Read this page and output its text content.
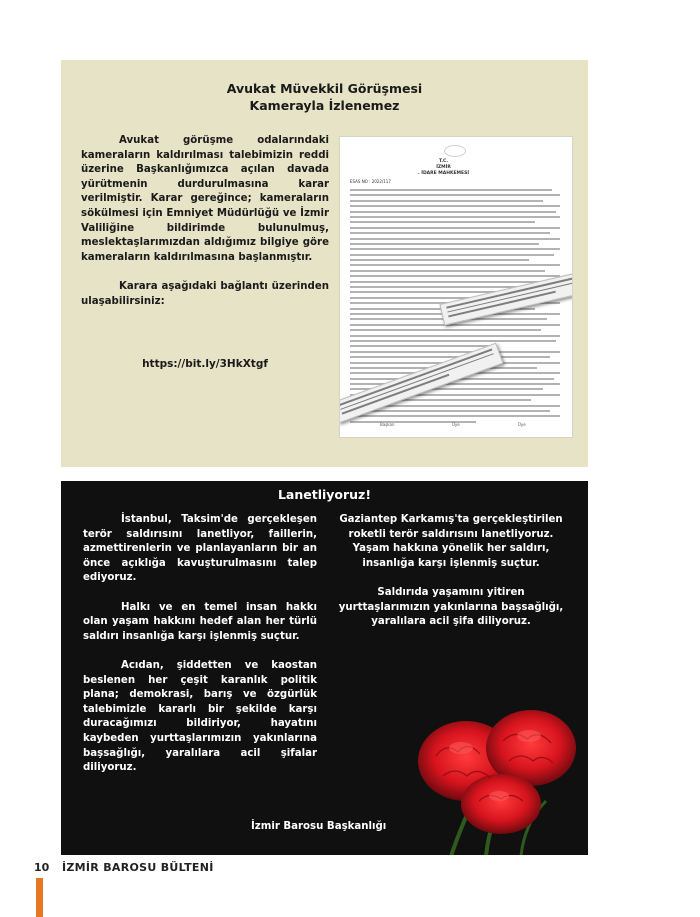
Avukat Müvekkil Görüşmesi
Kamerayla İzlenemez

Avukat görüşme odalarındaki kameraların kaldırılması talebimizin reddi üzerine Başkanlığımızca açılan davada yürütmenin durdurulmasına karar verilmiştir. Karar gereğince; kameraların sökülmesi için Emniyet Müdürlüğü ve İzmir Valiliğine bildirimde bulunulmuş, meslektaşlarımızdan aldığımız bilgiye göre kameraların kaldırılmasına başlanmıştır.

Karara aşağıdaki bağlantı üzerinden ulaşabilirsiniz:

https://bit.ly/3HkXtgf
T.C.
İZMİR
. İDARE MAHKEMESİ
ESAS NO : 2022/117
Başkan	Üye	Üye
Lanetliyoruz!

İstanbul, Taksim'de gerçekleşen terör saldırısını lanetliyor, faillerin, azmettirenlerin ve planlayanların bir an önce açıklığa kavuşturulmasını talep ediyoruz.

Halkı ve en temel insan hakkı olan yaşam hakkını hedef alan her türlü saldırı insanlığa karşı işlenmiş suçtur.

Acıdan, şiddetten ve kaostan beslenen her çeşit karanlık politik plana; demokrasi, barış ve özgürlük talebimizle kararlı bir şekilde karşı duracağımızı bildiriyor, hayatını kaybeden yurttaşlarımızın yakınlarına başsağlığı, yaralılara acil şifalar diliyoruz.

Gaziantep Karkamış'ta gerçekleştirilen roketli terör saldırısını lanetliyoruz. Yaşam hakkına yönelik her saldırı, insanlığa karşı işlenmiş suçtur.

Saldırıda yaşamını yitiren yurttaşlarımızın yakınlarına başsağlığı, yaralılara acil şifa diliyoruz.

İzmir Barosu Başkanlığı
10 İZMİR BAROSU BÜLTENİ
